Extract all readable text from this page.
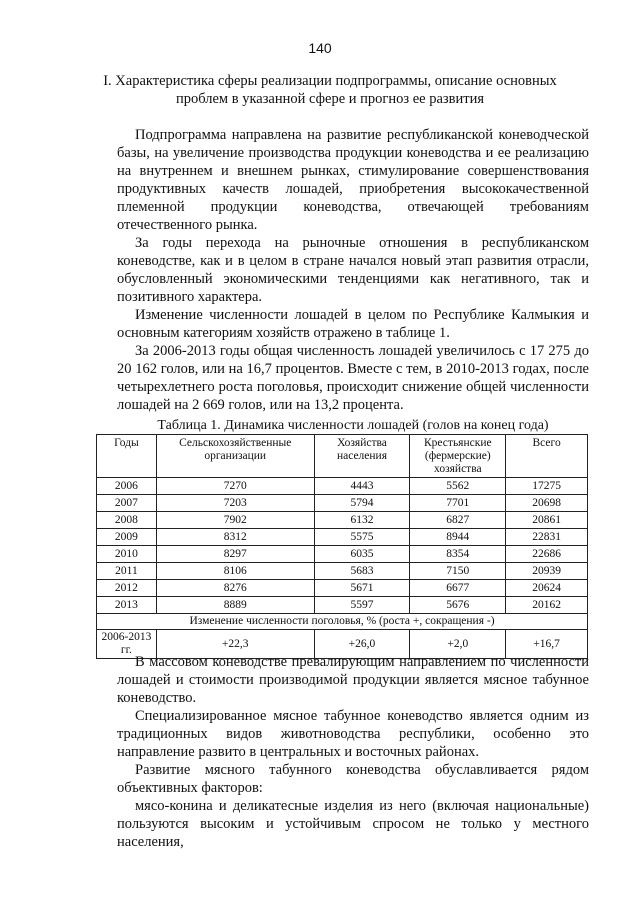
140
I. Характеристика сферы реализации подпрограммы, описание основных проблем в указанной сфере и прогноз ее развития

Подпрограмма направлена на развитие республиканской коневодческой базы, на увеличение производства продукции коневодства и ее реализацию на внутреннем и внешнем рынках, стимулирование совершенствования продуктивных качеств лошадей, приобретения высококачественной племенной продукции коневодства, отвечающей требованиям отечественного рынка.

За годы перехода на рыночные отношения в республиканском коневодстве, как и в целом в стране начался новый этап развития отрасли, обусловленный экономическими тенденциями как негативного, так и позитивного характера.

Изменение численности лошадей в целом по Республике Калмыкия и основным категориям хозяйств отражено в таблице 1.

За 2006-2013 годы общая численность лошадей увеличилось с 17 275 до 20 162 голов, или на 16,7 процентов. Вместе с тем, в 2010-2013 годах, после четырехлетнего роста поголовья, происходит снижение общей численности лошадей на 2 669 голов, или на 13,2 процента.

Таблица 1. Динамика численности лошадей (голов на конец года)
Годы	Сельскохозяйственные организации	Хозяйства населения	Крестьянские (фермерские) хозяйства	Всего
2006	7270	4443	5562	17275
2007	7203	5794	7701	20698
2008	7902	6132	6827	20861
2009	8312	5575	8944	22831
2010	8297	6035	8354	22686
2011	8106	5683	7150	20939
2012	8276	5671	6677	20624
2013	8889	5597	5676	20162
Изменение численности поголовья, % (роста +, сокращения -)				
2006-2013 гг.	+22,3	+26,0	+2,0	+16,7

В массовом коневодстве превалирующим направлением по численности лошадей и стоимости производимой продукции является мясное табунное коневодство.

Специализированное мясное табунное коневодство является одним из традиционных видов животноводства республики, особенно это направление развито в центральных и восточных районах.

Развитие мясного табунного коневодства обуславливается рядом объективных факторов:

мясо-конина и деликатесные изделия из него (включая национальные) пользуются высоким и устойчивым спросом не только у местного населения,
